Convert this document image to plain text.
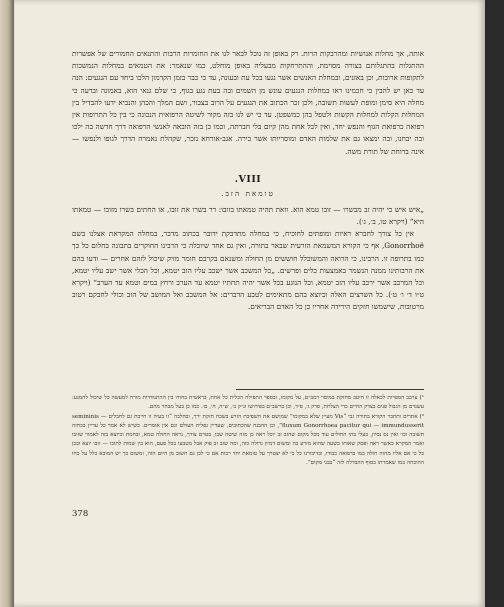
אותה, אך מחלות אנושיות ומהרבקות הרות. רק באופן זה נוכל לבאר לנו את החומרות הרבות והתנאים החמורים של אפשרות ההתגלות בהתגלותם בצורה מסוימת, וההתרחקות מבעליה באופן מוחלט, כמו שנאמר: את הטמאים במחלות הנמשכות לתקופות ארוכות, וכן באזנים, ובמחלת האנשים אשר נגעו בכל עת ובעונה, עד כי כבר בזמן הקדמון הלכו ביחד עם הנגעים: הנה עד כאן יש להבין כי חכמינו ראו במחלות הנגעים עונש מן השמים ובה בעת נגע בגוף, כי שלם גנאי הוא, באמונה ובדעה כי מחלה היא סימן ומופת לעשות תשובה, ולכן זכר הכתוב את הנגעים על הרוב בצבור, ושם המלך והכהן והנביא ידעו להבדיל בין המחלות הקלות למחלות הקשות ולטפל בהן כמשפטן. עד כי יש לנו בזה מקור לשיטה הרפואית הנכונה כי בין כל התרופות אין רפואה כרפואת הגוף והנפש יחד, ואין לכל אחת מהן קיום בלי חברתה, וכמו כן בזה הובאה לאנשי הרפואה דרך חדשה בה ילכו ובה יבחנו, ובה ימצאו גם את שלמות האדם ומוסריותו אשר בירה. אגב-אורחא נזכר, שקהלת נאמרה הדרך לגופו ולנפשו — אינה ברוחת של תורת משה.

VIII.
טומאת הזב.

„איש איש כי יהיה זב מבשרו — זובו טמא הוא. וזאת תהיה טמאתו בזובו: רר בשרו את זובו, או החתים בשרו מזובו — טמאתו היא“ (ויקרא טו, ב׳, ג׳).

אין כל צורך לחברא ראיות ומופתים לחוכיח, כי במחלה מתדבקת ידובר בכתוב מדבר, במחלה המקראת אצלנו בשם Gonorrhoë, אף כי הקורא המשמאת הזרעית שבאר בתורה, ואין גם אחד שיוכלה כי הרבינו החוקרים בתבונה בחלום כל כך כמו בתרופה זו. הרבינו, כי הרואה והמשוכלל חוששים מן החולה ומשנאם בקרבם חומר מזיק שיכול לזהם אחרים — ודעו בהם את הרבותינו ממנה הנשמר באמצעות כלים ופרשים. „כל המשכב אשר ישכב עליו הזב יטמא, וכל הכלי אשר ישב עליו יטמא, וכל המרכב אשר ירכב עליו הזב יטמא, וכל הנוגע בכל אשר יהיה תחתיו יטמא עד הערב ורחץ במים וטמא עד הערב“ (ויקרא ט״ו ד׳ ו׳ ט׳). כל השרצים האלה וכיוצא בהם מתאימים לטבע הדברים: אל המשכב ואל המושב של הזב וכולי לחבקם רטוב מרטובות, שישמשו חזקים הירידה אחריו כן כל האדם הבריאים.

¹) ערבב הספרות לכאלה זו היטב מחזקת במוסר רמב״ם, על מקומו, ובספר התפילה הכלית כל אחת, בראשית בחודו בין ההתנודדות מורה למעשה כל שיכול להמנע: עשנדם מן הגבול פנים בצדק החיים כדי הצלחת, פרק ג׳, פ״ד, וכן ברשב״ם בפירושו ונ״ק ב׳, ש״ה, ח׳, ם׳. כמו כן בעל מבחר מהם.

²) אתרים ותחבר הקורא בתורה גבי “Vis מעיין שלא במקומו” שמושם את השפיבת הזרע בשבח חזקת ירך, ובהלכה “זו בעיה זו חייבת גם לחבלים — semininis fluxum Gonorrhoea pacitur qui — immundusserit”, וכן ההבנה שהכתובים, שעדיין נפלית העולם וגם אין אומרים. כשיש לא אמר כל עדיין בכחזה תשובה וכו׳ ואין נס נסיון, בעלי בתי החולים עוד מכל מקום שהזב זב יוכל ראה כן מזה שיטה שבו, בטרם צורך, נראה החולה טמא, ובחמת וכיוצא בזה לאמור שזובו ואמר המקרא כאשר ראה ופסק שאותו בשעה שהוא מזרע בה ומשום דמיון גדולה כזה, ומה שזב זב פוק אבל מטבעו בכל פעם, הוא בין שמות לתוכו — זובו יוצא ובכן כל כי אם אליו מחוה חולה כמו ברפואה כבודו, ובדיבורנו כל כי לא יצטרך על טומאת יחד רבות אם כי לכן גם חשוב מן היום הזה, ומשום כך יש המובא כלל על כחו ההוכחה כמו שאמרתו בסוף ההבדלה לזה “בבני מקום”.

378
